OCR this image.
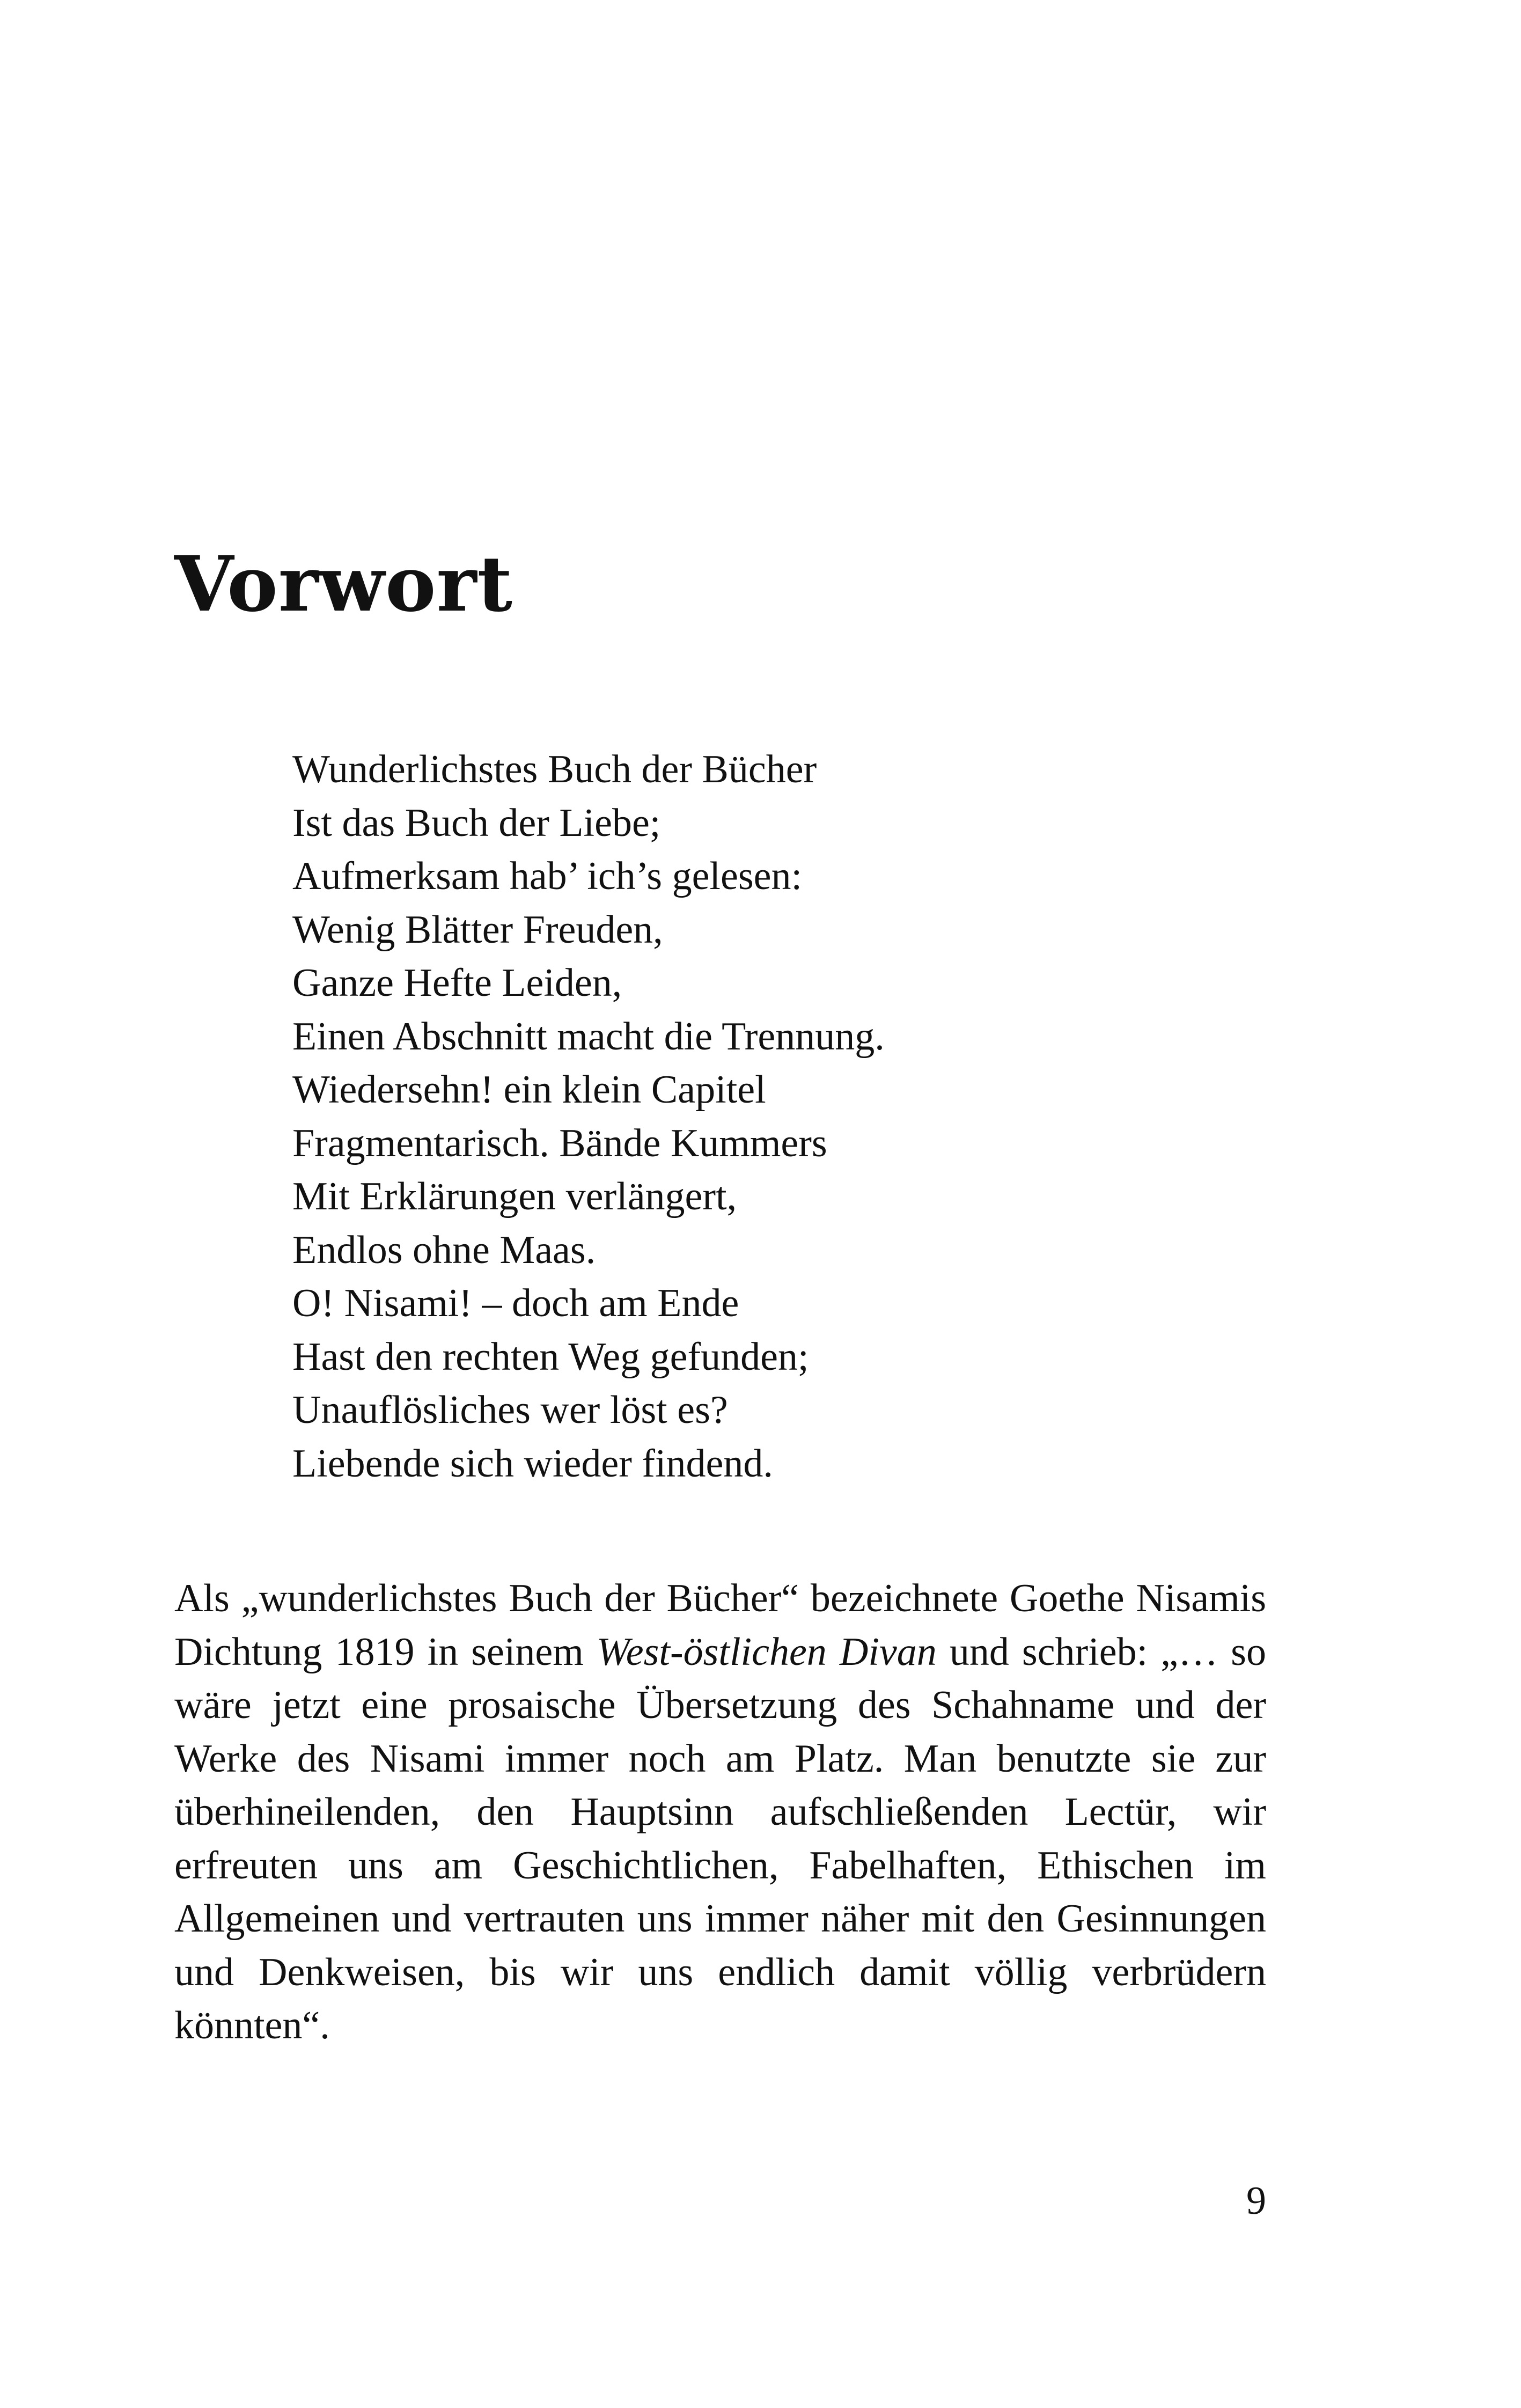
Vorwort
Wunderlichstes Buch der Bücher
Ist das Buch der Liebe;
Aufmerksam hab’ ich’s gelesen:
Wenig Blätter Freuden,
Ganze Hefte Leiden,
Einen Abschnitt macht die Trennung.
Wiedersehn! ein klein Capitel
Fragmentarisch. Bände Kummers
Mit Erklärungen verlängert,
Endlos ohne Maas.
O! Nisami! – doch am Ende
Hast den rechten Weg gefunden;
Unauflösliches wer löst es?
Liebende sich wieder findend.

Als „wunderlichstes Buch der Bücher“ bezeichnete Goethe Nisamis Dichtung 1819 in seinem West-östlichen Divan und schrieb: „… so wäre jetzt eine prosaische Übersetzung des Schahname und der Werke des Nisami immer noch am Platz. Man benutzte sie zur überhineilenden, den Hauptsinn aufschließenden Lectür, wir erfreuten uns am Geschichtlichen, Fabelhaften, Ethischen im Allgemeinen und vertrauten uns immer näher mit den Gesinnungen und Denkweisen, bis wir uns endlich damit völlig verbrüdern könnten“.

9
